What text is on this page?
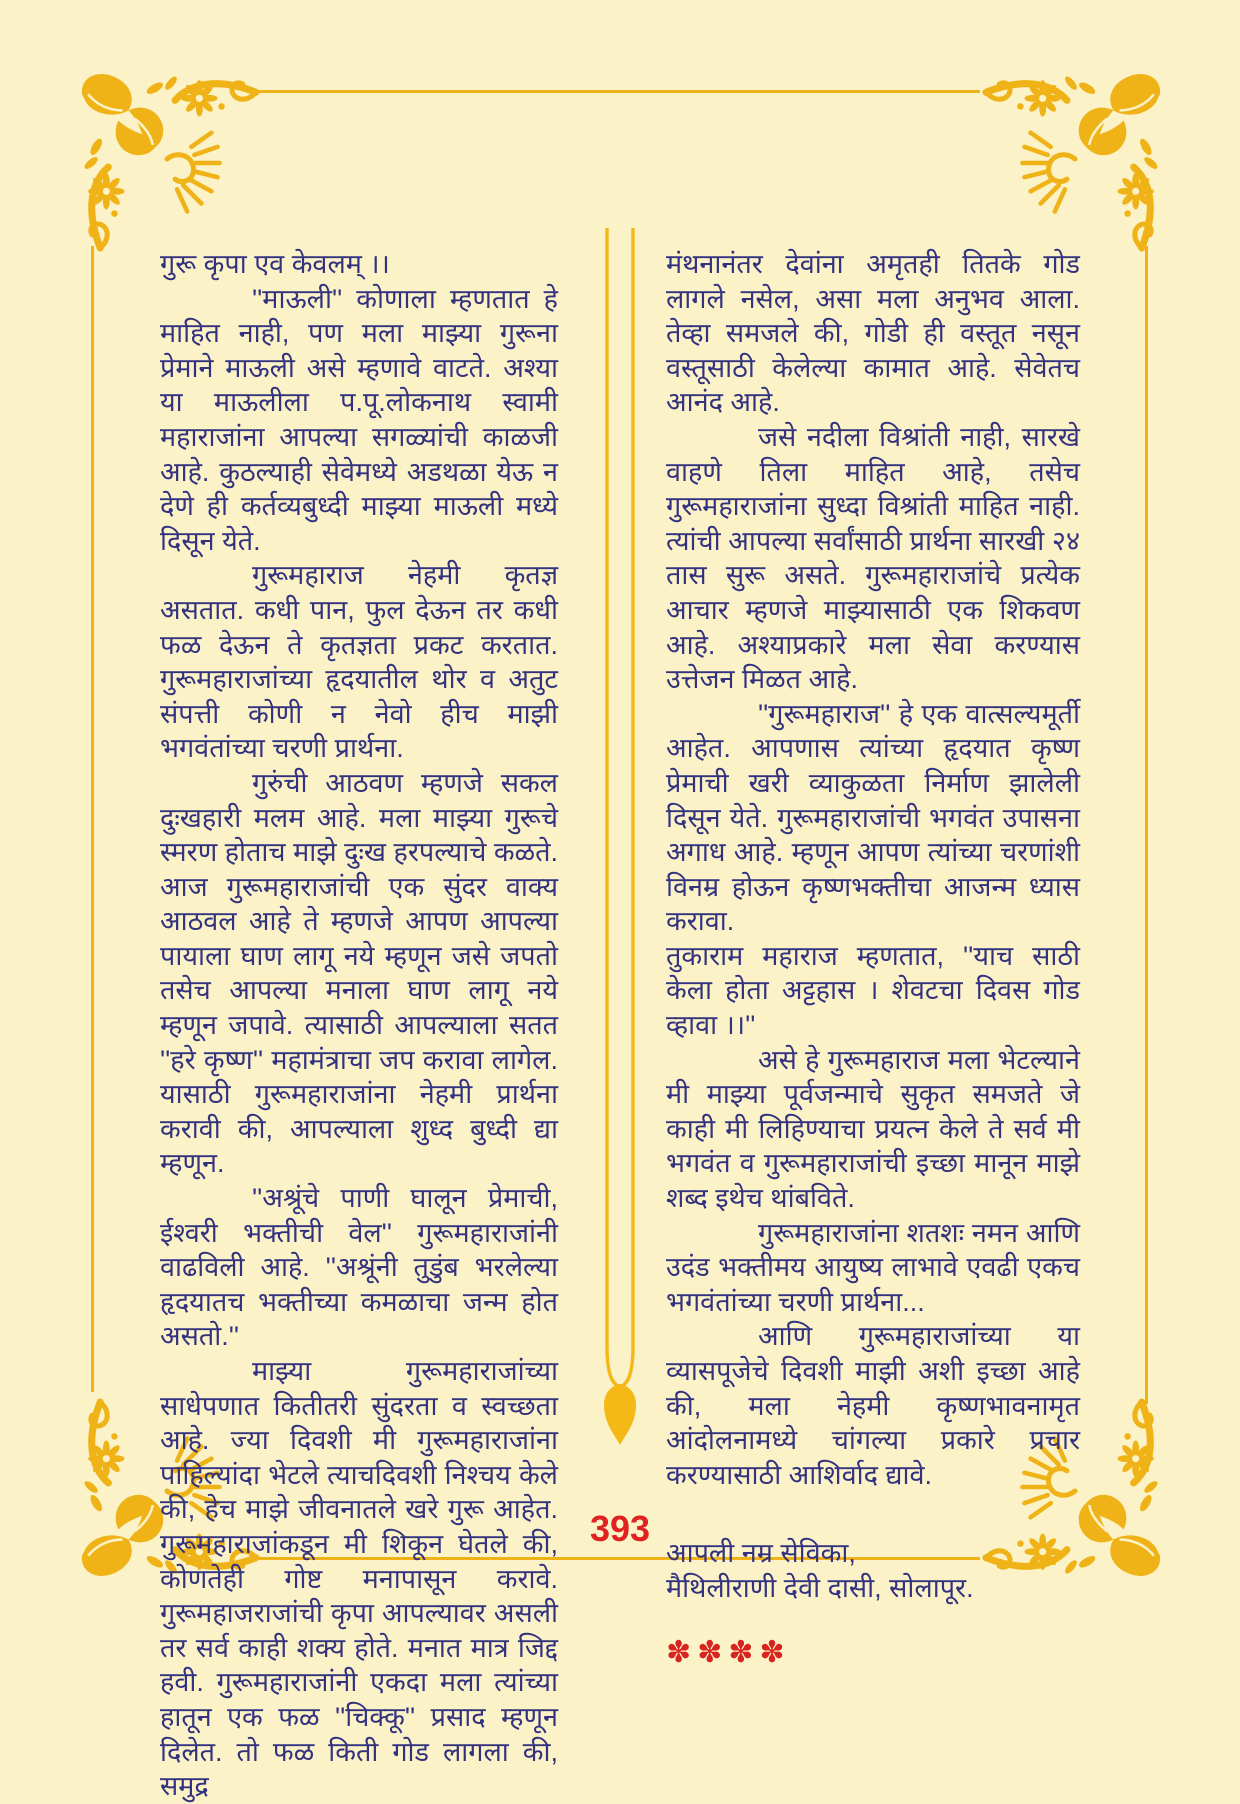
गुरू कृपा एव केवलम् ।।

''माऊली'' कोणाला म्हणतात हे माहित नाही, पण मला माझ्या गुरूना प्रेमाने माऊली असे म्हणावे वाटते. अश्या या माऊलीला प.पू.लोकनाथ स्वामी महाराजांना आपल्या सगळ्यांची काळजी आहे. कुठल्याही सेवेमध्ये अडथळा येऊ न देणे ही कर्तव्यबुध्दी माझ्या माऊली मध्ये दिसून येते.

गुरूमहाराज नेहमी कृतज्ञ असतात. कधी पान, फुल देऊन तर कधी फळ देऊन ते कृतज्ञता प्रकट करतात. गुरूमहाराजांच्या हृदयातील थोर व अतुट संपत्ती कोणी न नेवो हीच माझी भगवंतांच्या चरणी प्रार्थना.

गुरुंची आठवण म्हणजे सकल दुःखहारी मलम आहे. मला माझ्या गुरूचे स्मरण होताच माझे दुःख हरपल्याचे कळते. आज गुरूमहाराजांची एक सुंदर वाक्य आठवल आहे ते म्हणजे आपण आपल्या पायाला घाण लागू नये म्हणून जसे जपतो तसेच आपल्या मनाला घाण लागू नये म्हणून जपावे. त्यासाठी आपल्याला सतत ''हरे कृष्ण'' महामंत्राचा जप करावा लागेल. यासाठी गुरूमहाराजांना नेहमी प्रार्थना करावी की, आपल्याला शुध्द बुध्दी द्या म्हणून.

''अश्रूंचे पाणी घालून प्रेमाची, ईश्वरी भक्तीची वेल'' गुरूमहाराजांनी वाढविली आहे. ''अश्रूंनी तुडुंब भरलेल्या हृदयातच भक्तीच्या कमळाचा जन्म होत असतो.''

माझ्या गुरूमहाराजांच्या साधेपणात कितीतरी सुंदरता व स्वच्छता आहे. ज्या दिवशी मी गुरूमहाराजांना पाहिल्यांदा भेटले त्याचदिवशी निश्चय केले की, हेच माझे जीवनातले खरे गुरू आहेत. गुरूमहाराजांकडून मी शिकून घेतले की, कोणतेही गोष्ट मनापासून करावे. गुरूमहाजराजांची कृपा आपल्यावर असली तर सर्व काही शक्य होते. मनात मात्र जिद्द हवी. गुरूमहाराजांनी एकदा मला त्यांच्या हातून एक फळ ''चिक्कू'' प्रसाद म्हणून दिलेत. तो फळ किती गोड लागला की, समुद्र

मंथनानंतर देवांना अमृतही तितके गोड लागले नसेल, असा मला अनुभव आला. तेव्हा समजले की, गोडी ही वस्तूत नसून वस्तूसाठी केलेल्या कामात आहे. सेवेतच आनंद आहे.

जसे नदीला विश्रांती नाही, सारखे वाहणे तिला माहित आहे, तसेच गुरूमहाराजांना सुध्दा विश्रांती माहित नाही. त्यांची आपल्या सर्वांसाठी प्रार्थना सारखी २४ तास सुरू असते. गुरूमहाराजांचे प्रत्येक आचार म्हणजे माझ्यासाठी एक शिकवण आहे. अश्याप्रकारे मला सेवा करण्यास उत्तेजन मिळत आहे.

''गुरूमहाराज'' हे एक वात्सल्यमूर्ती आहेत. आपणास त्यांच्या हृदयात कृष्ण प्रेमाची खरी व्याकुळता निर्माण झालेली दिसून येते. गुरूमहाराजांची भगवंत उपासना अगाध आहे. म्हणून आपण त्यांच्या चरणांशी विनम्र होऊन कृष्णभक्तीचा आजन्म ध्यास करावा.

तुकाराम महाराज म्हणतात, ''याच साठी केला होता अट्टहास । शेवटचा दिवस गोड व्हावा ।।''

असे हे गुरूमहाराज मला भेटल्याने मी माझ्या पूर्वजन्माचे सुकृत समजते जे काही मी लिहिण्याचा प्रयत्न केले ते सर्व मी भगवंत व गुरूमहाराजांची इच्छा मानून माझे शब्द इथेच थांबविते.

गुरूमहाराजांना शतशः नमन आणि उदंड भक्तीमय आयुष्य लाभावे एवढी एकच भगवंतांच्या चरणी प्रार्थना...

आणि गुरूमहाराजांच्या या व्यासपूजेचे दिवशी माझी अशी इच्छा आहे की, मला नेहमी कृष्णभावनामृत आंदोलनामध्ये चांगल्या प्रकारे प्रचार करण्यासाठी आशिर्वाद द्यावे.

आपली नम्र सेविका,

मैथिलीराणी देवी दासी, सोलापूर.

✽✽✽✽
393
